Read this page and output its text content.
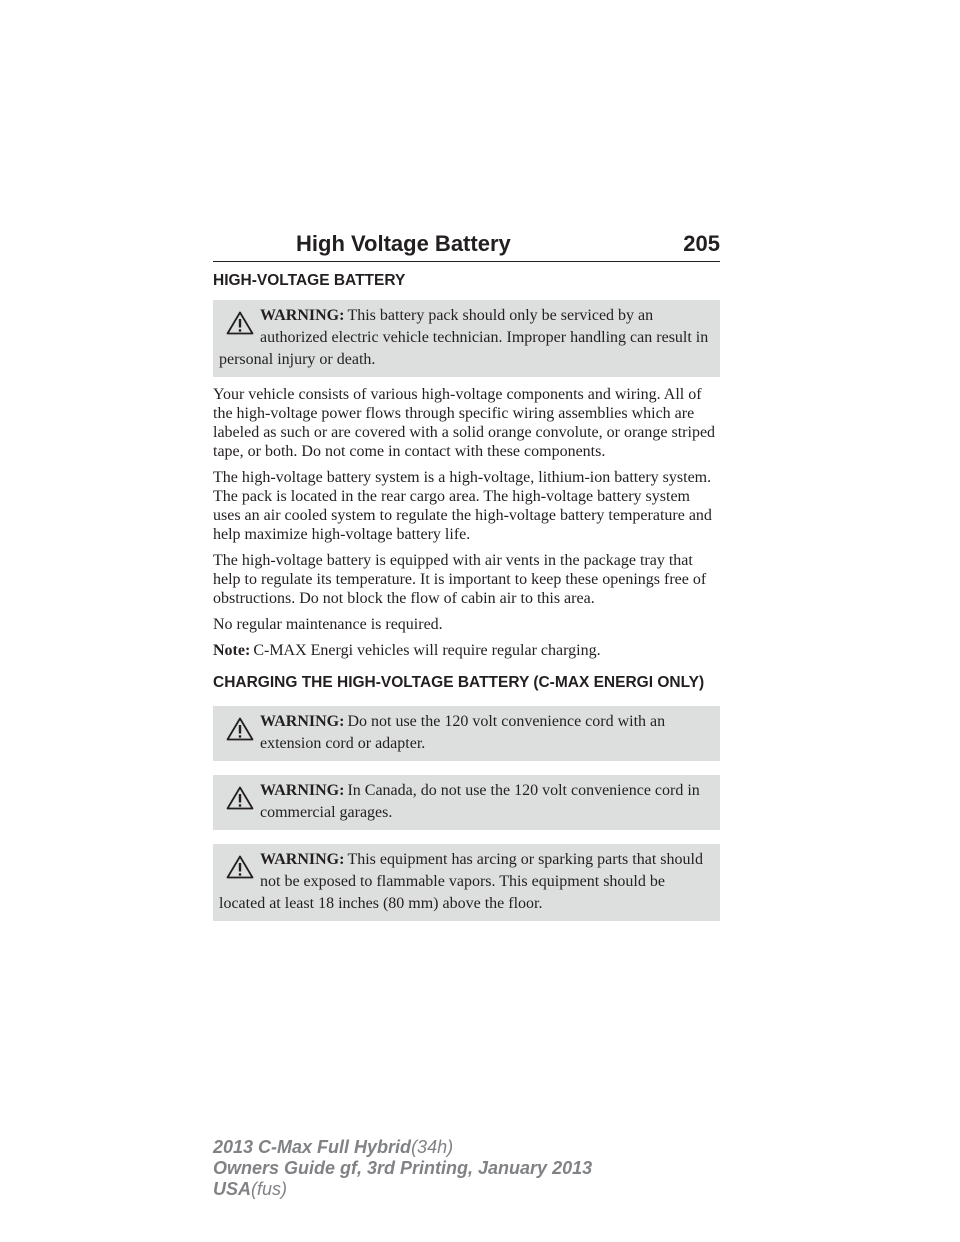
High Voltage Battery	205
HIGH-VOLTAGE BATTERY

WARNING: This battery pack should only be serviced by an authorized electric vehicle technician. Improper handling can result in personal injury or death.

Your vehicle consists of various high-voltage components and wiring. All of the high-voltage power flows through specific wiring assemblies which are labeled as such or are covered with a solid orange convolute, or orange striped tape, or both. Do not come in contact with these components.

The high-voltage battery system is a high-voltage, lithium-ion battery system. The pack is located in the rear cargo area. The high-voltage battery system uses an air cooled system to regulate the high-voltage battery temperature and help maximize high-voltage battery life.

The high-voltage battery is equipped with air vents in the package tray that help to regulate its temperature. It is important to keep these openings free of obstructions. Do not block the flow of cabin air to this area.

No regular maintenance is required.

Note: C-MAX Energi vehicles will require regular charging.

CHARGING THE HIGH-VOLTAGE BATTERY (C-MAX ENERGI ONLY)

WARNING: Do not use the 120 volt convenience cord with an extension cord or adapter.

WARNING: In Canada, do not use the 120 volt convenience cord in commercial garages.

WARNING: This equipment has arcing or sparking parts that should not be exposed to flammable vapors. This equipment should be located at least 18 inches (80 mm) above the floor.

2013 C-Max Full Hybrid(34h)
Owners Guide gf, 3rd Printing, January 2013
USA(fus)
